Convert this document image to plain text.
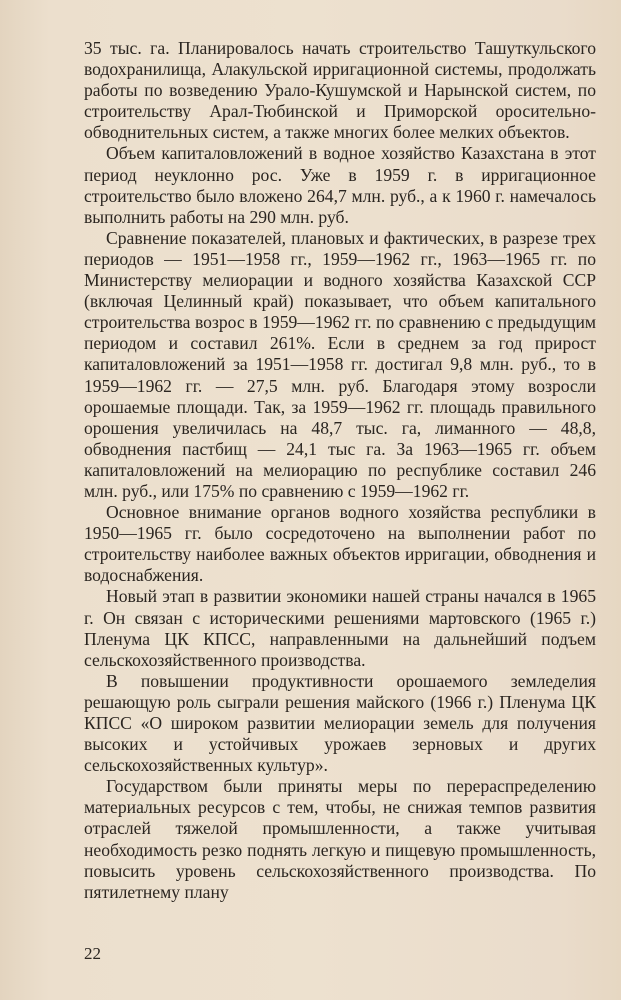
35 тыс. га. Планировалось начать строительство Ташуткульского водохранилища, Алакульской ирригационной системы, продолжать работы по возведению Урало-Кушумской и Нарынской систем, по строительству Арал-Тюбинской и Приморской оросительно-обводнительных систем, а также многих более мелких объектов.

Объем капиталовложений в водное хозяйство Казахстана в этот период неуклонно рос. Уже в 1959 г. в ирригационное строительство было вложено 264,7 млн. руб., а к 1960 г. намечалось выполнить работы на 290 млн. руб.

Сравнение показателей, плановых и фактических, в разрезе трех периодов — 1951—1958 гг., 1959—1962 гг., 1963—1965 гг. по Министерству мелиорации и водного хозяйства Казахской ССР (включая Целинный край) показывает, что объем капитального строительства возрос в 1959—1962 гг. по сравнению с предыдущим периодом и составил 261%. Если в среднем за год прирост капиталовложений за 1951—1958 гг. достигал 9,8 млн. руб., то в 1959—1962 гг. — 27,5 млн. руб. Благодаря этому возросли орошаемые площади. Так, за 1959—1962 гг. площадь правильного орошения увеличилась на 48,7 тыс. га, лиманного — 48,8, обводнения пастбищ — 24,1 тыс га. За 1963—1965 гг. объем капиталовложений на мелиорацию по республике составил 246 млн. руб., или 175% по сравнению с 1959—1962 гг.

Основное внимание органов водного хозяйства республики в 1950—1965 гг. было сосредоточено на выполнении работ по строительству наиболее важных объектов ирригации, обводнения и водоснабжения.

Новый этап в развитии экономики нашей страны начался в 1965 г. Он связан с историческими решениями мартовского (1965 г.) Пленума ЦК КПСС, направленными на дальнейший подъем сельскохозяйственного производства.

В повышении продуктивности орошаемого земледелия решающую роль сыграли решения майского (1966 г.) Пленума ЦК КПСС «О широком развитии мелиорации земель для получения высоких и устойчивых урожаев зерновых и других сельскохозяйственных культур».

Государством были приняты меры по перераспределению материальных ресурсов с тем, чтобы, не снижая темпов развития отраслей тяжелой промышленности, а также учитывая необходимость резко поднять легкую и пищевую промышленность, повысить уровень сельскохозяйственного производства. По пятилетнему плану

22
